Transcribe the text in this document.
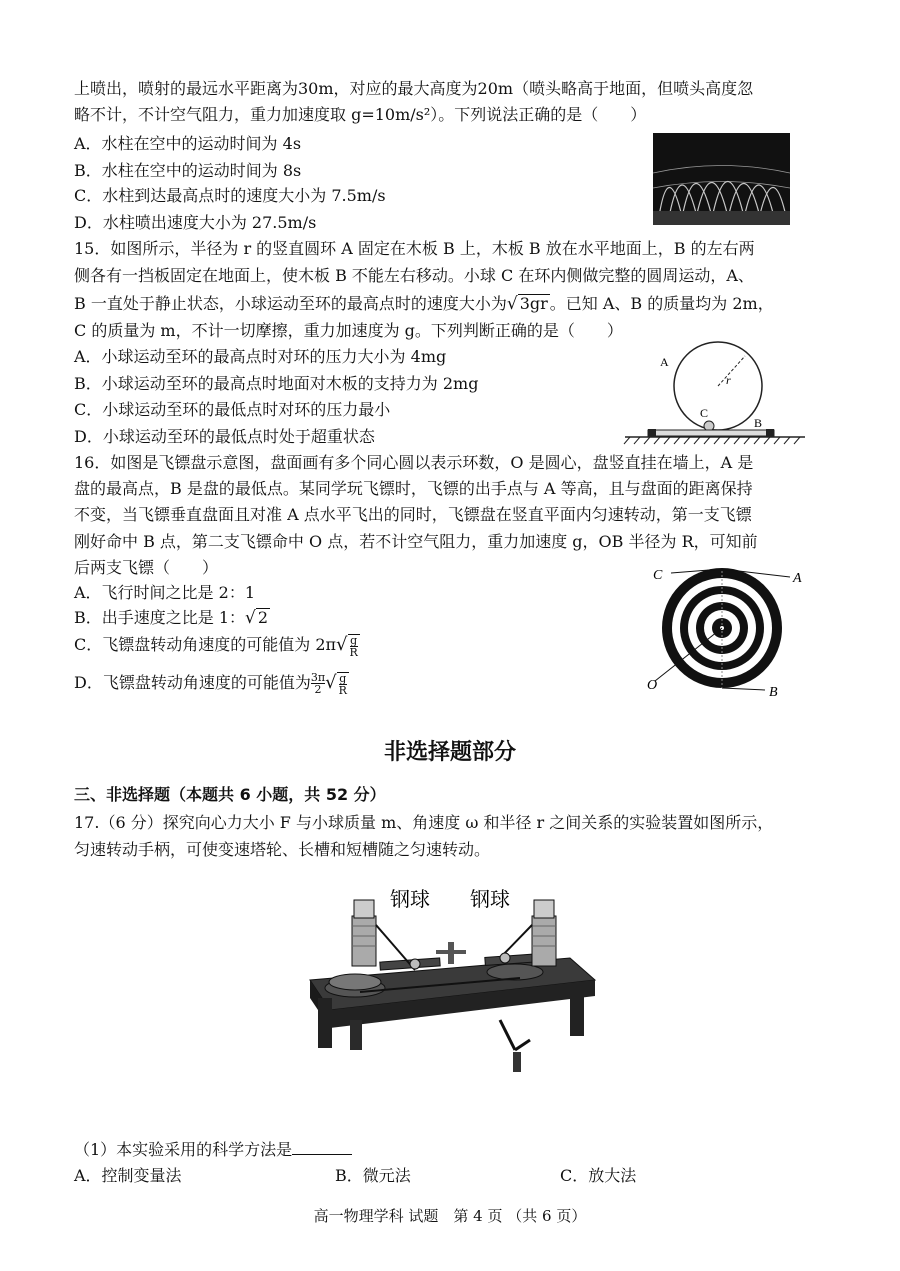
上喷出，喷射的最远水平距离为30m，对应的最大高度为20m（喷头略高于地面，但喷头高度忽
略不计，不计空气阻力，重力加速度取 g=10m/s²）。下列说法正确的是（　　）
A．水柱在空中的运动时间为 4s
B．水柱在空中的运动时间为 8s
C．水柱到达最高点时的速度大小为 7.5m/s
D．水柱喷出速度大小为 27.5m/s
15．如图所示，半径为 r 的竖直圆环 A 固定在木板 B 上，木板 B 放在水平地面上，B 的左右两
侧各有一挡板固定在地面上，使木板 B 不能左右移动。小球 C 在环内侧做完整的圆周运动，A、
B 一直处于静止状态，小球运动至环的最高点时的速度大小为√ 3gr 。已知 A、B 的质量均为 2m，
C 的质量为 m，不计一切摩擦，重力加速度为 g。下列判断正确的是（　　）
A．小球运动至环的最高点时对环的压力大小为 4mg
B．小球运动至环的最高点时地面对木板的支持力为 2mg
C．小球运动至环的最低点时对环的压力最小
D．小球运动至环的最低点时处于超重状态
A
r
C
B
16．如图是飞镖盘示意图，盘面画有多个同心圆以表示环数，O 是圆心，盘竖直挂在墙上，A 是
盘的最高点，B 是盘的最低点。某同学玩飞镖时，飞镖的出手点与 A 等高，且与盘面的距离保持
不变，当飞镖垂直盘面且对准 A 点水平飞出的同时，飞镖盘在竖直平面内匀速转动，第一支飞镖
刚好命中 B 点，第二支飞镖命中 O 点，若不计空气阻力，重力加速度 g，OB 半径为 R，可知前
后两支飞镖（　　）
A．飞行时间之比是 2：1
B．出手速度之比是 1：√ 2
C．飞镖盘转动角速度的可能值为 $2\pi√ \frac{g}{R}$
D．飞镖盘转动角速度的可能值为 $\frac{3\pi}{2}$ √ $\frac{g}{R}$
C	A
O	B
非选择题部分
三、非选择题（本题共 6 小题，共 52 分）
17.（6 分）探究向心力大小 F 与小球质量 m、角速度 ω 和半径 r 之间关系的实验装置如图所示，
匀速转动手柄，可使变速塔轮、长槽和短槽随之匀速转动。
钢球 钢球
（1）本实验采用的科学方法是
A．控制变量法	B．微元法	C．放大法
高一物理学科 试题　第 4 页 （共 6 页）
